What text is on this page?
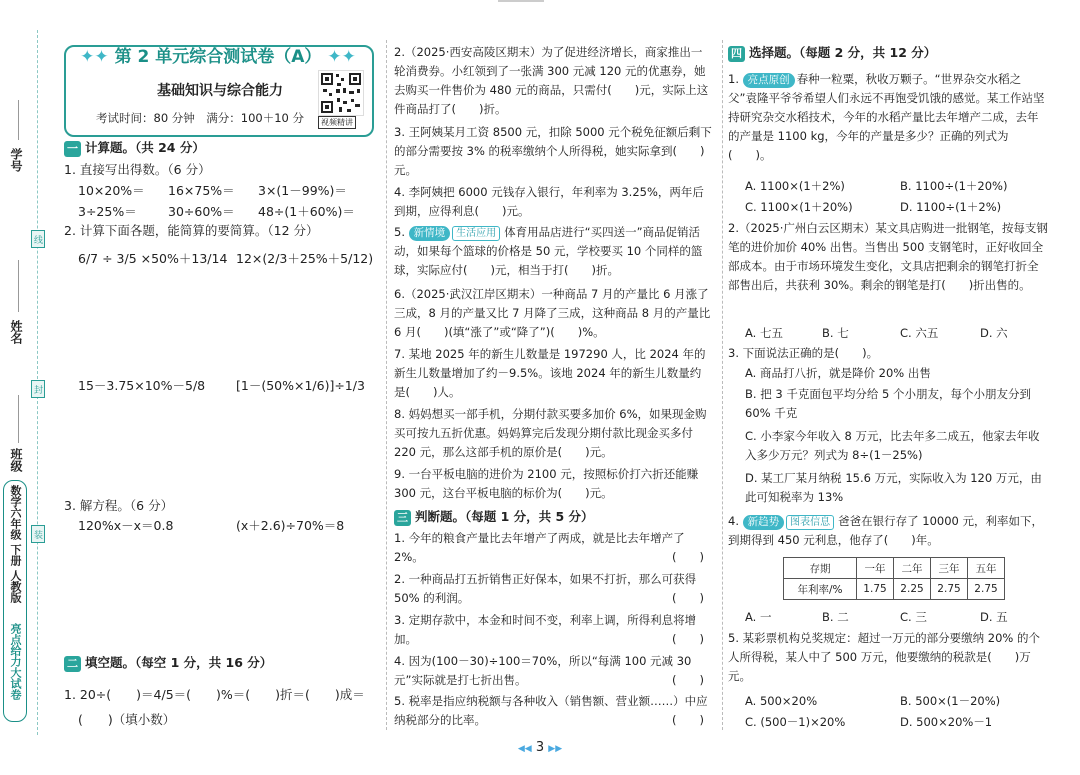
学号
姓名
班级
线
封
装
亮点给力大试卷
数学六年级 下册 人教版
✦✦ 第 2 单元综合测试卷（A） ✦✦
基础知识与综合能力
考试时间：80 分钟　满分：100＋10 分	视频精讲
一 计算题。（共 24 分）
1. 直接写出得数。（6 分）
10×20%＝ 16×75%＝ 3×(1－99%)＝
3÷25%＝	30÷60%＝ 48÷(1＋60%)＝
2. 计算下面各题，能简算的要简算。（12 分）
6/7 ÷ 3/5 ×50%＋13/14 12×(2/3＋25%＋5/12)
15－3.75×10%－5/8 [1－(50%×1/6)]÷1/3
3. 解方程。（6 分）
120%x－x＝0.8	(x＋2.6)÷70%＝8
二 填空题。（每空 1 分，共 16 分）
1. 20÷(　　)＝4/5＝(　　)%＝(　　)折＝(　　)成＝
(　　)（填小数）
2.（2025·西安高陵区期末）为了促进经济增长，商家推出一轮消费券。小红领到了一张满 300 元减 120 元的优惠券，她去购买一件售价为 480 元的商品，只需付(　　)元，实际上这件商品打了(　　)折。
3. 王阿姨某月工资 8500 元，扣除 5000 元个税免征额后剩下的部分需要按 3% 的税率缴纳个人所得税，她实际拿到(　　)元。
4. 李阿姨把 6000 元钱存入银行，年利率为 3.25%，两年后到期，应得利息(　　)元。
5. 新情境 生活应用 体育用品店进行“买四送一”商品促销活动，如果每个篮球的价格是 50 元，学校要买 10 个同样的篮球，实际应付(　　)元，相当于打(　　)折。
6.（2025·武汉江岸区期末）一种商品 7 月的产量比 6 月涨了三成，8 月的产量又比 7 月降了三成，这种商品 8 月的产量比 6 月(　　)(填“涨了”或“降了”)(　　)%。
7. 某地 2025 年的新生儿数量是 197290 人，比 2024 年的新生儿数量增加了约－9.5%。该地 2024 年的新生儿数量约是(　　)人。
8. 妈妈想买一部手机，分期付款买要多加价 6%，如果现金购买可按九五折优惠。妈妈算完后发现分期付款比现金买多付 220 元，那么这部手机的原价是(　　)元。
9. 一台平板电脑的进价为 2100 元，按照标价打六折还能赚 300 元，这台平板电脑的标价为(　　)元。
三 判断题。（每题 1 分，共 5 分）
1. 今年的粮食产量比去年增产了两成，就是比去年增产了 2%。	(　　)
2. 一种商品打五折销售正好保本，如果不打折，那么可获得 50% 的利润。	(　　)
3. 定期存款中，本金和时间不变，利率上调，所得利息将增加。	(　　)
4. 因为(100－30)÷100＝70%，所以“每满 100 元减 30 元”实际就是打七折出售。	(　　)
5. 税率是指应纳税额与各种收入（销售额、营业额……）中应纳税部分的比率。	(　　)
四 选择题。（每题 2 分，共 12 分）
1. 亮点原创 春种一粒粟，秋收万颗子。“世界杂交水稻之父”袁隆平爷爷希望人们永远不再饱受饥饿的感觉。某工作站坚持研究杂交水稻技术，今年的水稻产量比去年增产二成，去年的产量是 1100 kg，今年的产量是多少？正确的列式为(　　)。
A. 1100×(1＋2%)	B. 1100÷(1＋20%)
C. 1100×(1＋20%)	D. 1100÷(1＋2%)
2.（2025·广州白云区期末）某文具店购进一批钢笔，按每支钢笔的进价加价 40% 出售。当售出 500 支钢笔时，正好收回全部成本。由于市场环境发生变化，文具店把剩余的钢笔打折全部售出后，共获利 30%。剩余的钢笔是打(　　)折出售的。
A. 七五	B. 七	C. 六五	D. 六
3. 下面说法正确的是(　　)。
A. 商品打八折，就是降价 20% 出售
B. 把 3 千克面包平均分给 5 个小朋友，每个小朋友分到 60% 千克
C. 小李家今年收入 8 万元，比去年多二成五，他家去年收入多少万元？列式为 8÷(1－25%)
D. 某工厂某月纳税 15.6 万元，实际收入为 120 万元，由此可知税率为 13%
4. 新趋势 图表信息 爸爸在银行存了 10000 元，利率如下，到期得到 450 元利息，他存了(　　)年。
存期	一年	二年	三年	五年
年利率/%	1.75	2.25	2.75	2.75
A. 一	B. 二	C. 三	D. 五
5. 某彩票机构兑奖规定：超过一万元的部分要缴纳 20% 的个人所得税，某人中了 500 万元，他要缴纳的税款是(　　)万元。
A. 500×20%	B. 500×(1－20%)
C. (500－1)×20%	D. 500×20%－1
◀◀ 3 ▶▶
